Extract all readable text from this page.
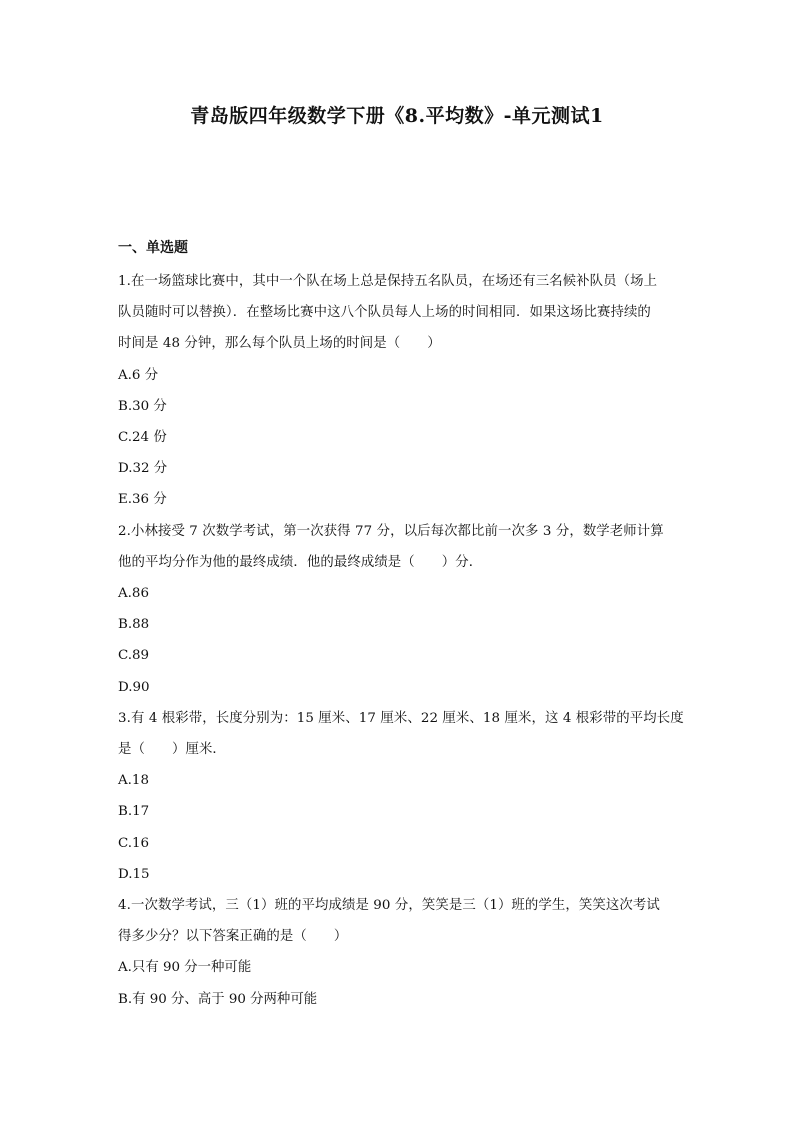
青岛版四年级数学下册《8.平均数》-单元测试1
一、单选题
1.在一场篮球比赛中，其中一个队在场上总是保持五名队员，在场还有三名候补队员（场上
队员随时可以替换）．在整场比赛中这八个队员每人上场的时间相同．如果这场比赛持续的
时间是 48 分钟，那么每个队员上场的时间是（　　）
A.6 分
B.30 分
C.24 份
D.32 分
E.36 分
2.小林接受 7 次数学考试，第一次获得 77 分，以后每次都比前一次多 3 分，数学老师计算
他的平均分作为他的最终成绩．他的最终成绩是（　　）分．
A.86
B.88
C.89
D.90
3.有 4 根彩带，长度分别为：15 厘米、17 厘米、22 厘米、18 厘米，这 4 根彩带的平均长度
是（　　）厘米．
A.18
B.17
C.16
D.15
4.一次数学考试，三（1）班的平均成绩是 90 分，笑笑是三（1）班的学生，笑笑这次考试
得多少分？以下答案正确的是（　　）
A.只有 90 分一种可能
B.有 90 分、高于 90 分两种可能
